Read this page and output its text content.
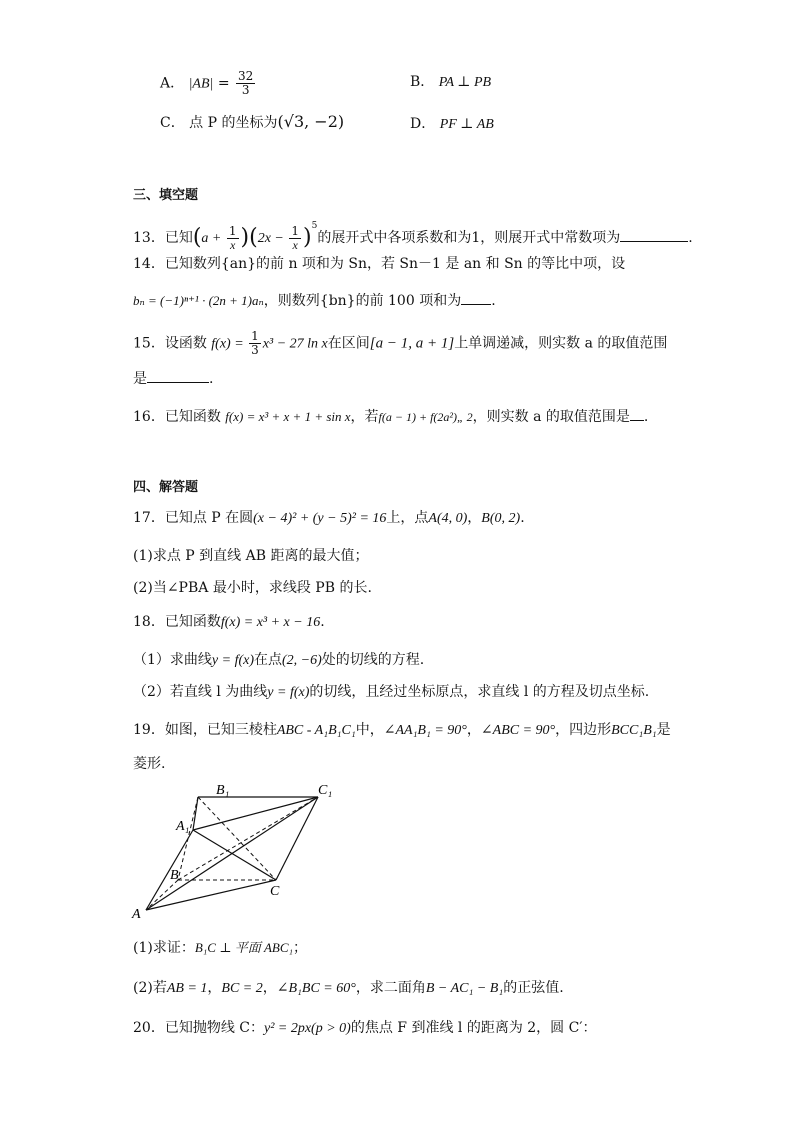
A． $|AB| = \frac{32}{3}$	B． PA ⊥ PB
C． 点 P 的坐标为(√3, −2)	D． PF ⊥ AB
三、填空题
13．已知$(a + \frac{1}{x} )(2x - \frac{1}{x} )^5$的展开式中各项系数和为1，则展开式中常数项为	.
14．已知数列{an}的前 n 项和为 Sn，若 Sn－1 是 an 和 Sn 的等比中项，设
bₙ = (−1)ⁿ⁺¹ · (2n + 1)aₙ，则数列{bn}的前 100 项和为 .
15．设函数 $f(x) = \frac{1}{3} x^3 - 27$ ln x在区间[a − 1, a + 1]上单调递减，则实数 a 的取值范围
是	.
16．已知函数 f(x) = x³ + x + 1 + sin x，若f(a − 1) + f(2a²)„ 2，则实数 a 的取值范围是 .
四、解答题
17．已知点 P 在圆(x − 4)² + (y − 5)² = 16上，点A(4, 0)，B(0, 2).
(1)求点 P 到直线 AB 距离的最大值；
(2)当∠PBA 最小时，求线段 PB 的长.
18．已知函数f(x) = x³ + x − 16.
（1）求曲线y = f(x)在点(2, −6)处的切线的方程.
（2）若直线 l 为曲线y = f(x)的切线，且经过坐标原点，求直线 l 的方程及切点坐标.
19．如图，已知三棱柱ABC - A₁B₁C₁中，∠AA₁B₁ = 90°，∠ABC = 90°，四边形BCC₁B₁是
菱形.
B₁	C₁
A₁
B
C
A
(1)求证：B₁C ⊥ 平面 ABC₁；
(2)若AB = 1，BC = 2，∠B₁BC = 60°，求二面角B − AC₁ − B₁的正弦值.
20．已知抛物线 C：y² = 2px(p > 0)的焦点 F 到准线 l 的距离为 2，圆 C′：
